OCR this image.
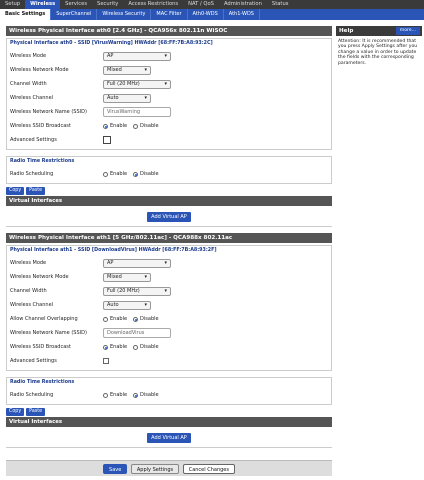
Setup	Wireless	Services	Security	Access Restrictions	NAT / QoS	Administration	Status
Basic Settings	SuperChannel	Wireless Security	MAC Filter	Ath0-WDS	Ath1-WDS
Wireless Physical Interface ath0 [2.4 GHz] - QCA956x 802.11n WiSOC
Physical Interface ath0 - SSID [VirusWarning] HWAddr [68:FF:7B:A8:93:2C]
Wireless Mode	AP	▾
Wireless Network Mode	Mixed	▾
Channel Width	Full (20 MHz)	▾
Wireless Channel	Auto	▾
Wireless Network Name (SSID)	VirusWarning
Wireless SSID Broadcast	Enable	Disable
Advanced Settings
Radio Time Restrictions
Radio Scheduling	Enable	Disable
Copy	Paste
Virtual Interfaces
Add Virtual AP
Wireless Physical Interface ath1 [5 GHz/802.11ac] - QCA988x 802.11ac
Physical Interface ath1 - SSID [DownloadVirus] HWAddr [68:FF:7B:A8:93:2F]
Wireless Mode	AP	▾
Wireless Network Mode	Mixed	▾
Channel Width	Full (20 MHz)	▾
Wireless Channel	Auto	▾
Allow Channel Overlapping	Enable	Disable
Wireless Network Name (SSID)	DownloadVirus
Wireless SSID Broadcast	Enable	Disable
Advanced Settings
Radio Time Restrictions
Radio Scheduling	Enable	Disable
Copy	Paste
Virtual Interfaces
Add Virtual AP
Help	more...
Attention: It is recommended that you press Apply Settings after you change a value in order to update the fields with the corresponding parameters.
Save	Apply Settings	Cancel Changes
